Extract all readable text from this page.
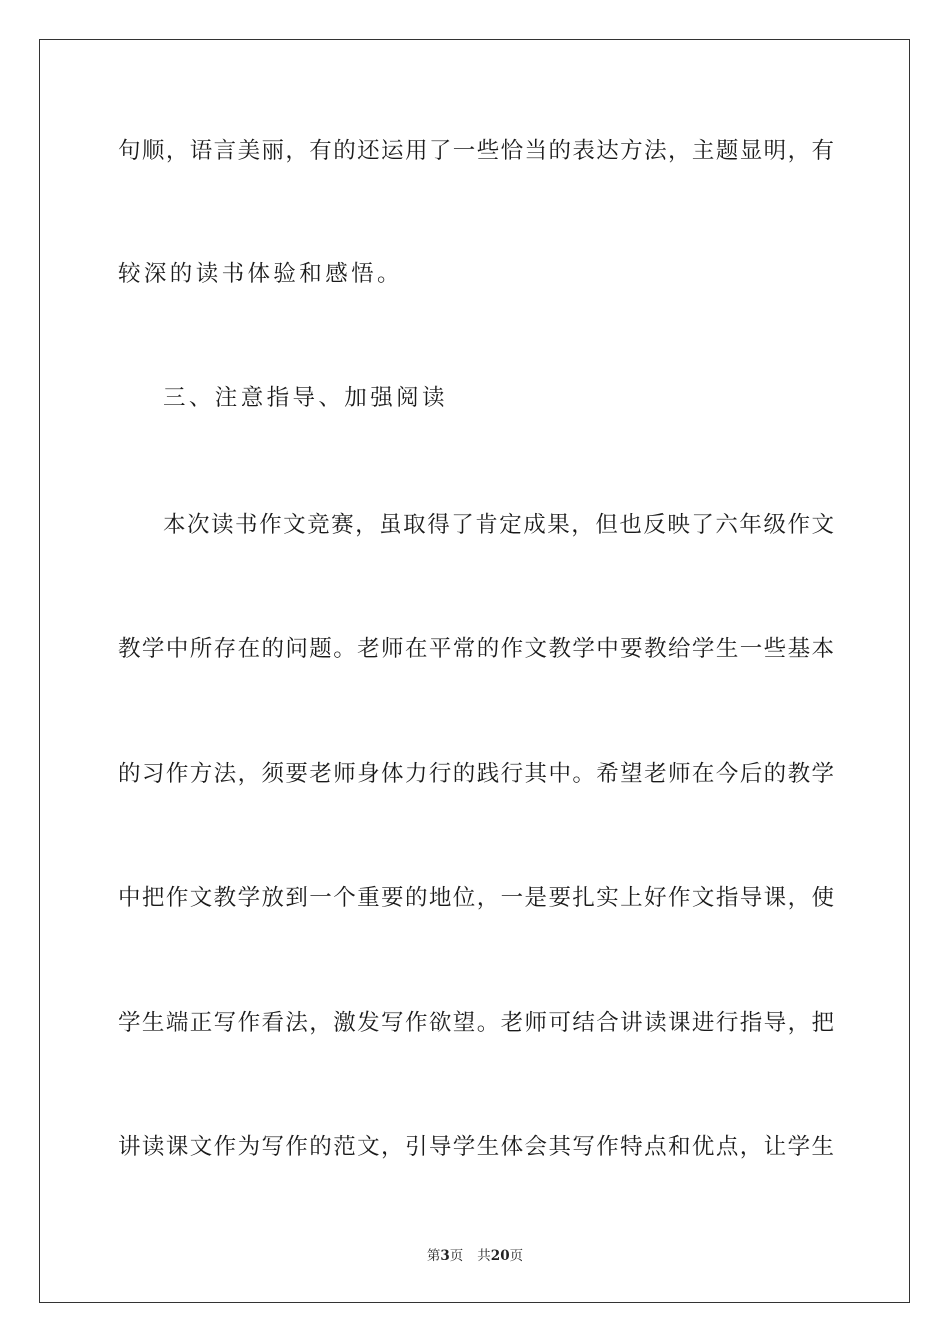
句顺，语言美丽，有的还运用了一些恰当的表达方法，主题显明，有
较深的读书体验和感悟。
三、注意指导、加强阅读
本次读书作文竞赛，虽取得了肯定成果，但也反映了六年级作文
教学中所存在的问题。老师在平常的作文教学中要教给学生一些基本
的习作方法，须要老师身体力行的践行其中。希望老师在今后的教学
中把作文教学放到一个重要的地位，一是要扎实上好作文指导课，使
学生端正写作看法，激发写作欲望。老师可结合讲读课进行指导，把
讲读课文作为写作的范文，引导学生体会其写作特点和优点，让学生
第3页 共20页
